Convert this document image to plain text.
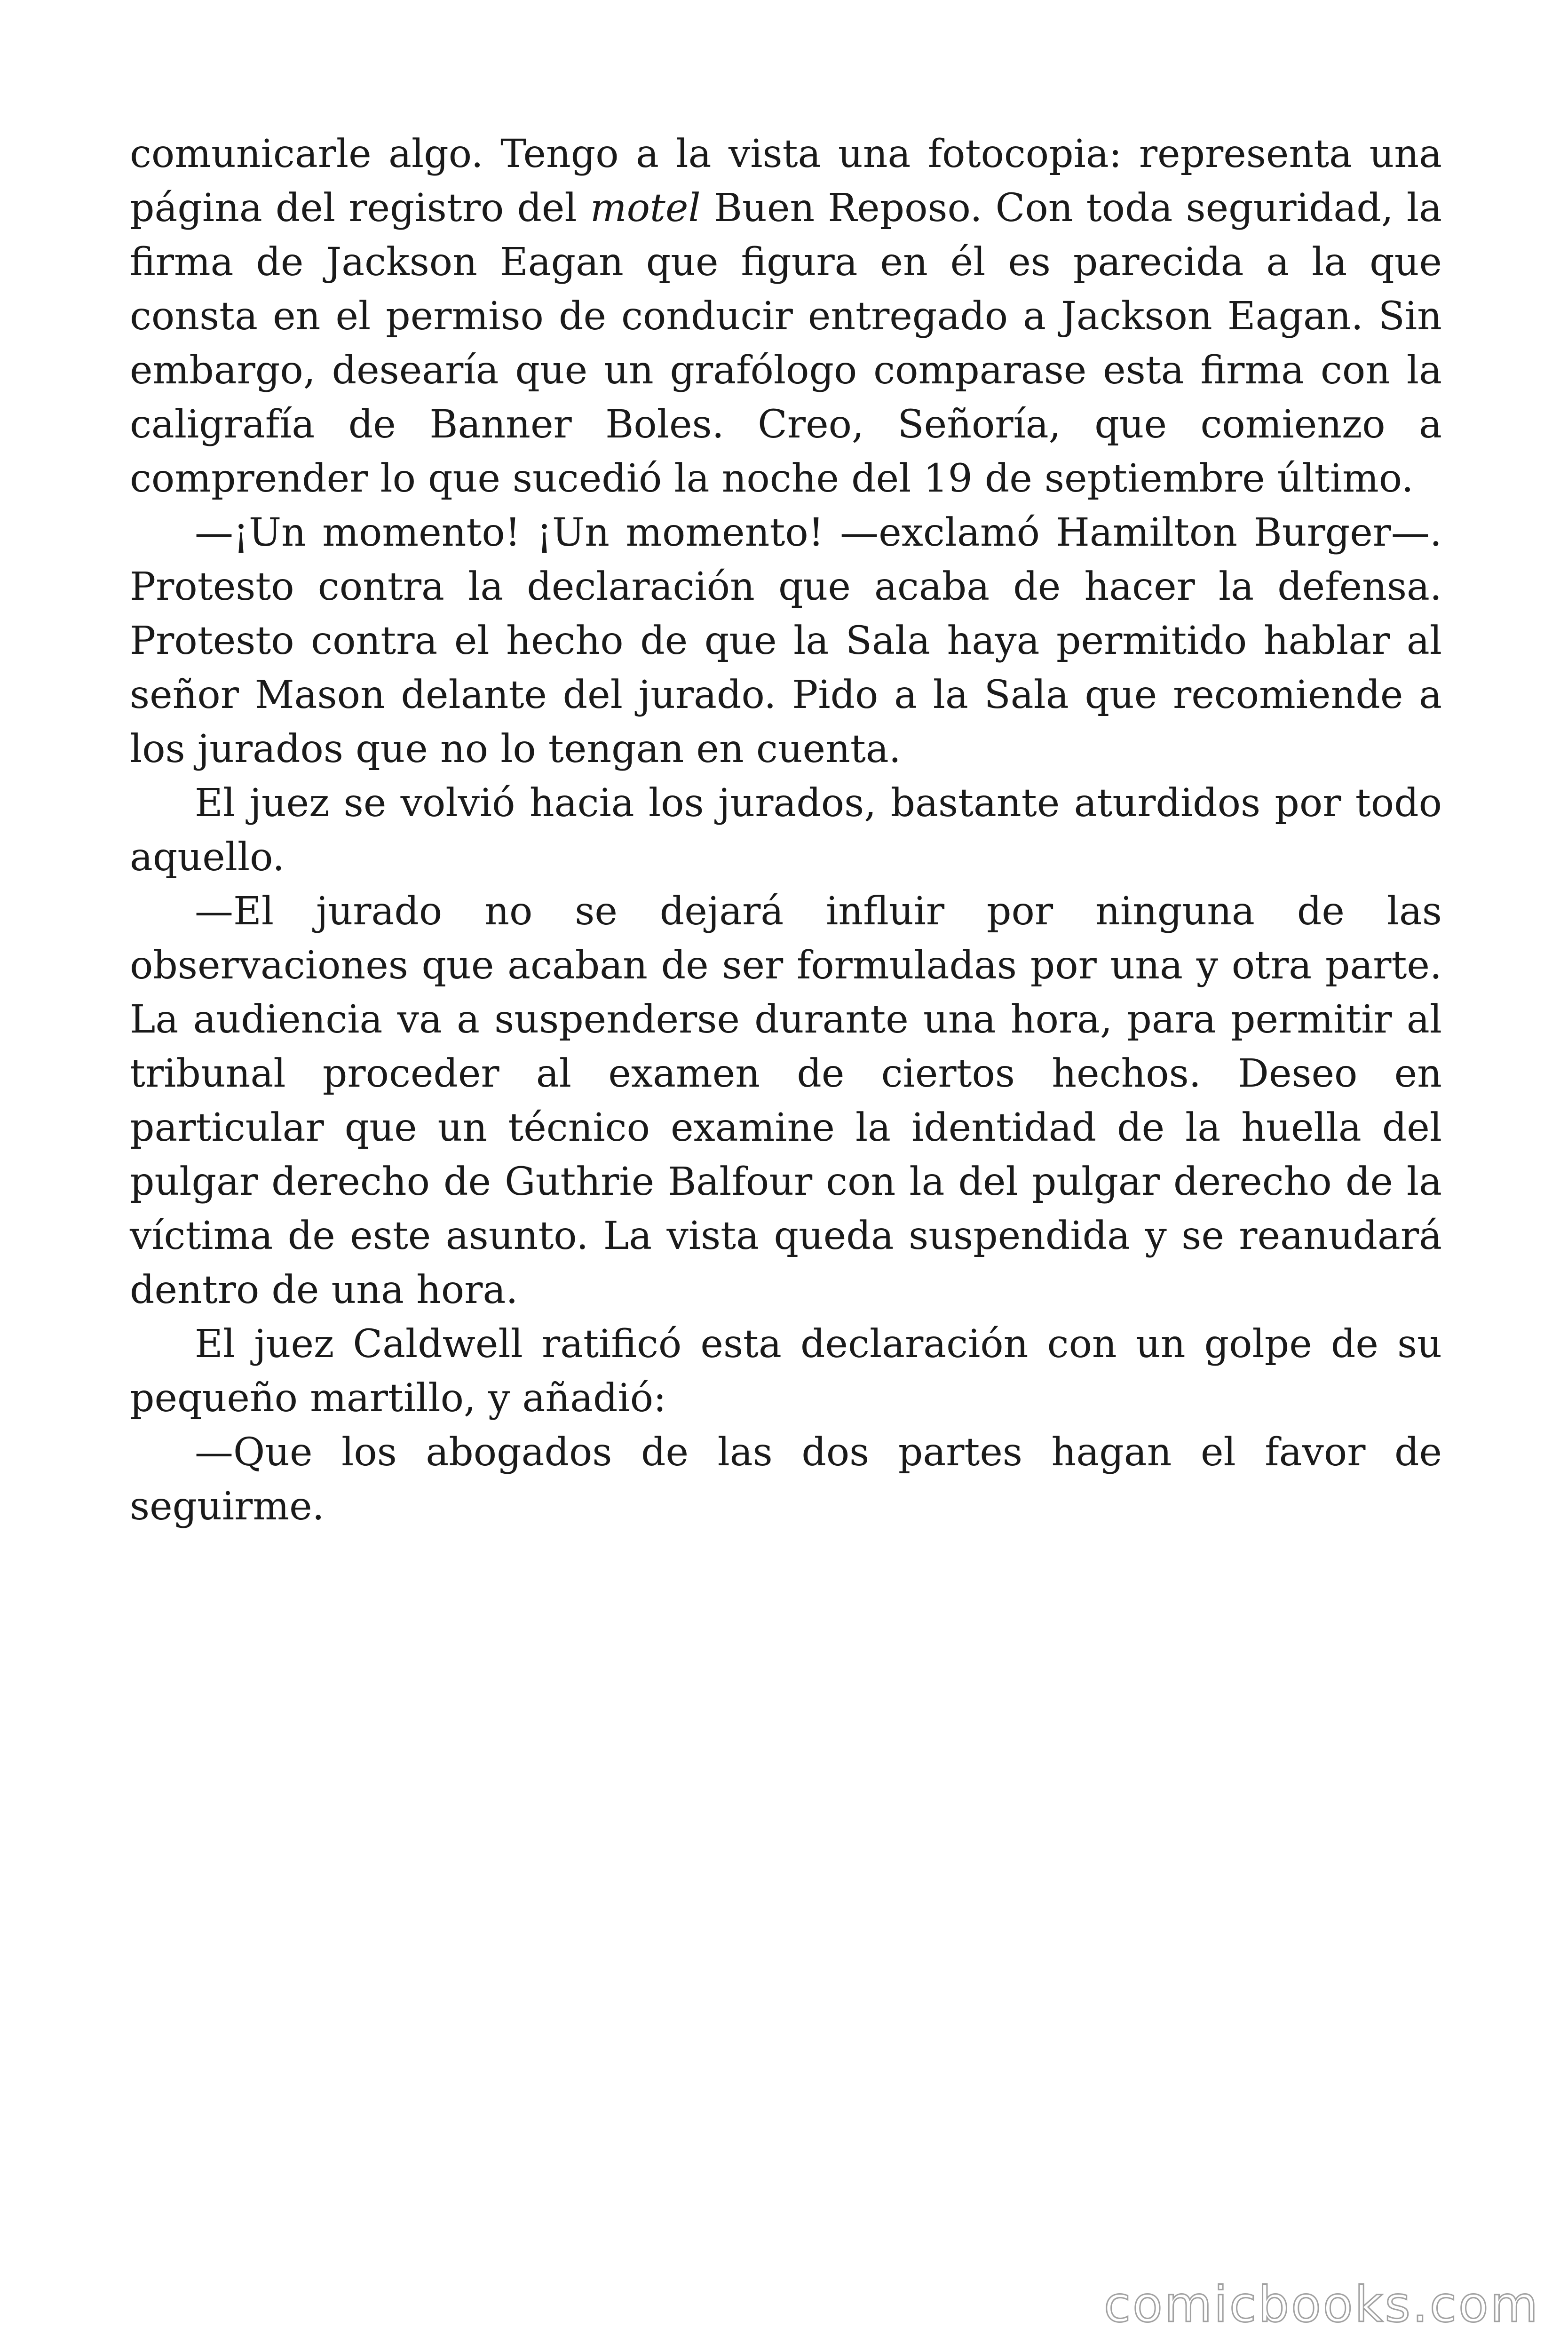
comunicarle algo. Tengo a la vista una fotocopia: representa una página del registro del motel Buen Reposo. Con toda seguridad, la firma de Jackson Eagan que figura en él es parecida a la que consta en el permiso de conducir entregado a Jackson Eagan. Sin embargo, desearía que un grafólogo comparase esta firma con la caligrafía de Banner Boles. Creo, Señoría, que comienzo a comprender lo que sucedió la noche del 19 de septiembre último.

—¡Un momento! ¡Un momento! —exclamó Hamilton Burger—. Protesto contra la declaración que acaba de hacer la defensa. Protesto contra el hecho de que la Sala haya permitido hablar al señor Mason delante del jurado. Pido a la Sala que recomiende a los jurados que no lo tengan en cuenta.

El juez se volvió hacia los jurados, bastante aturdidos por todo aquello.

—El jurado no se dejará influir por ninguna de las observaciones que acaban de ser formuladas por una y otra parte. La audiencia va a suspenderse durante una hora, para permitir al tribunal proceder al examen de ciertos hechos. Deseo en particular que un técnico examine la identidad de la huella del pulgar derecho de Guthrie Balfour con la del pulgar derecho de la víctima de este asunto. La vista queda suspendida y se reanudará dentro de una hora.

El juez Caldwell ratificó esta declaración con un golpe de su pequeño martillo, y añadió:

—Que los abogados de las dos partes hagan el favor de seguirme.

comicbooks.com
